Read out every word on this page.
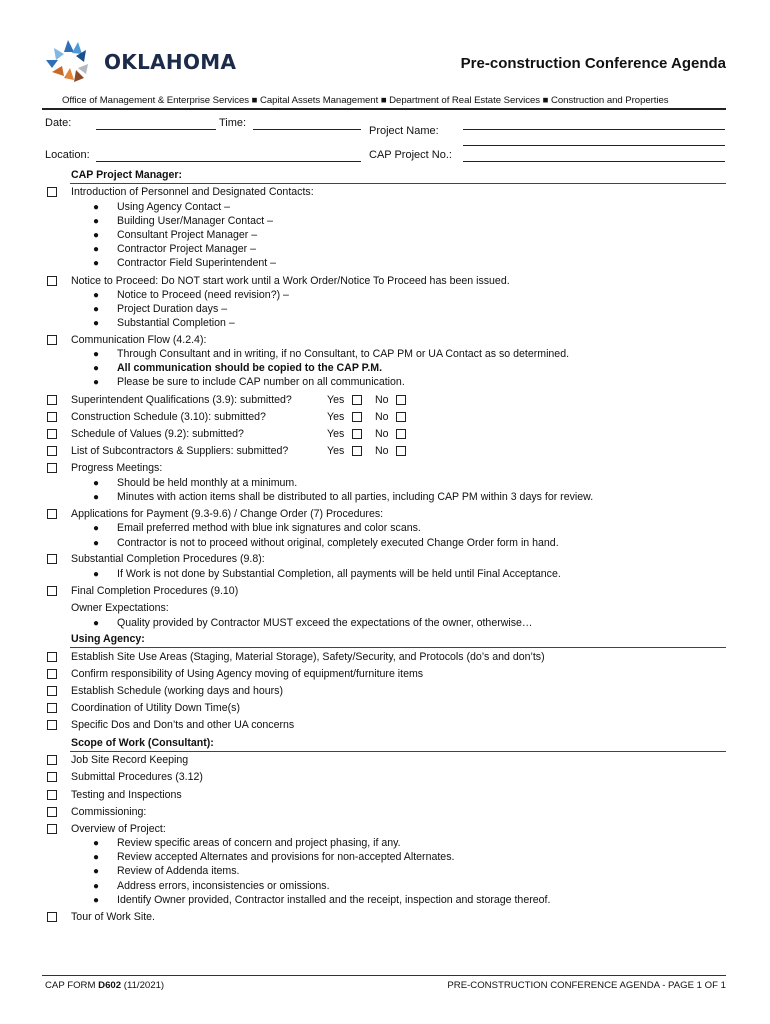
OKLAHOMA	Pre-construction Conference Agenda
Office of Management & Enterprise Services ■ Capital Assets Management ■ Department of Real Estate Services ■ Construction and Properties
Date:	Time:
Project Name:
Location:	CAP Project No.:
CAP Project Manager:
Introduction of Personnel and Designated Contacts:
● Using Agency Contact –
● Building User/Manager Contact –
● Consultant Project Manager –
● Contractor Project Manager –
● Contractor Field Superintendent –
Notice to Proceed: Do NOT start work until a Work Order/Notice To Proceed has been issued.
● Notice to Proceed (need revision?) –
● Project Duration days –
● Substantial Completion –
Communication Flow (4.2.4):
● Through Consultant and in writing, if no Consultant, to CAP PM or UA Contact as so determined.
● All communication should be copied to the CAP P.M.
● Please be sure to include CAP number on all communication.
Superintendent Qualifications (3.9): submitted?	Yes	No
Construction Schedule (3.10): submitted?	Yes	No
Schedule of Values (9.2): submitted?	Yes	No
List of Subcontractors & Suppliers: submitted?	Yes	No
Progress Meetings:
● Should be held monthly at a minimum.
● Minutes with action items shall be distributed to all parties, including CAP PM within 3 days for review.
Applications for Payment (9.3-9.6) / Change Order (7) Procedures:
● Email preferred method with blue ink signatures and color scans.
● Contractor is not to proceed without original, completely executed Change Order form in hand.
Substantial Completion Procedures (9.8):
● If Work is not done by Substantial Completion, all payments will be held until Final Acceptance.
Final Completion Procedures (9.10)
Owner Expectations:
● Quality provided by Contractor MUST exceed the expectations of the owner, otherwise…
Using Agency:
Establish Site Use Areas (Staging, Material Storage), Safety/Security, and Protocols (do’s and don’ts)
Confirm responsibility of Using Agency moving of equipment/furniture items
Establish Schedule (working days and hours)
Coordination of Utility Down Time(s)
Specific Dos and Don’ts and other UA concerns
Scope of Work (Consultant):
Job Site Record Keeping
Submittal Procedures (3.12)
Testing and Inspections
Commissioning:
Overview of Project:
● Review specific areas of concern and project phasing, if any.
● Review accepted Alternates and provisions for non-accepted Alternates.
● Review of Addenda items.
● Address errors, inconsistencies or omissions.
● Identify Owner provided, Contractor installed and the receipt, inspection and storage thereof.
Tour of Work Site.
CAP FORM D602 (11/2021)	PRE-CONSTRUCTION CONFERENCE AGENDA - PAGE 1 OF 1
